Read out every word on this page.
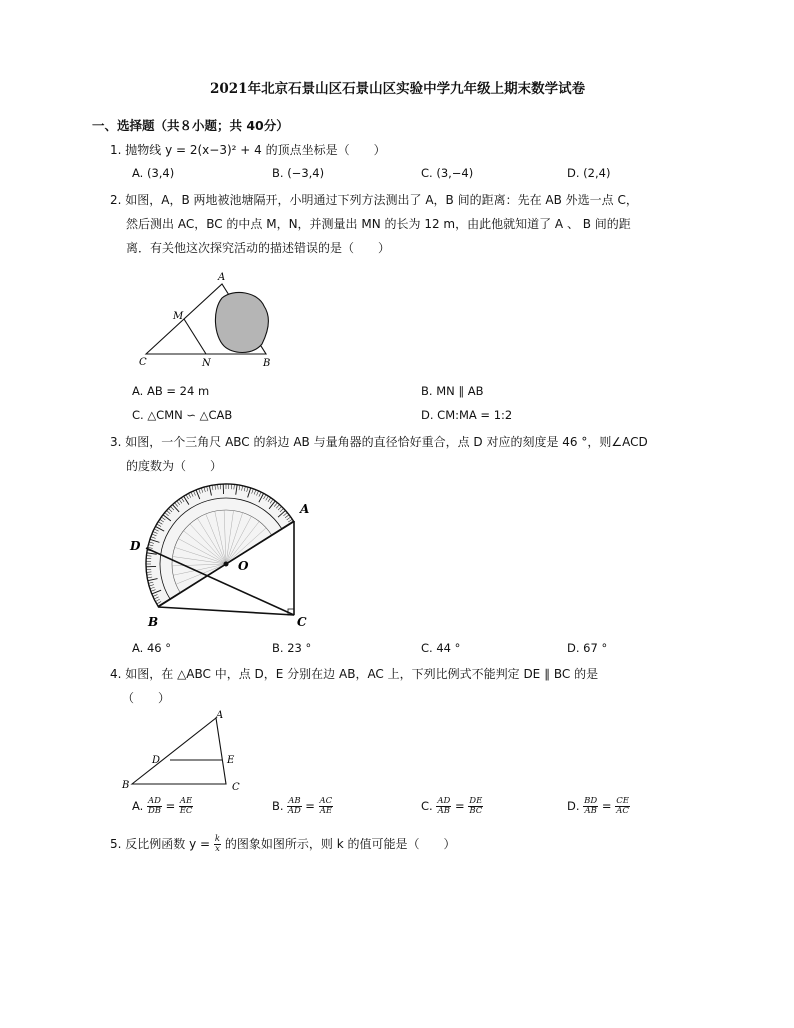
2021年北京石景山区石景山区实验中学九年级上期末数学试卷
一、选择题（共８小题；共 40分）
1. 抛物线 y = 2(x−3)² + 4 的顶点坐标是（　　）
A. (3,4)	B. (−3,4)	C. (3,−4)	D. (2,4)
2. 如图，A，B 两地被池塘隔开，小明通过下列方法测出了 A，B 间的距离：先在 AB 外选一点 C，
然后测出 AC，BC 的中点 M，N，并测量出 MN 的长为 12 m，由此他就知道了 A 、 B 间的距
离．有关他这次探究活动的描述错误的是（　　）
A
M
C	N	B
A. AB = 24 m	B. MN ∥ AB
C. △CMN ∽ △CAB	D. CM:MA = 1:2
3. 如图，一个三角尺 ABC 的斜边 AB 与量角器的直径恰好重合，点 D 对应的刻度是 46 °，则∠ACD
的度数为（　　）
A
B	C
D
O
A. 46 °	B. 23 °	C. 44 °	D. 67 °
4. 如图，在 △ABC 中，点 D，E 分别在边 AB，AC 上，下列比例式不能判定 DE ∥ BC 的是
（　　）
A
B	C
D	E
A. $\frac{AD}{DB} = \frac{AE}{EC}$	B. $\frac{AB}{AD} = \frac{AC}{AE}$	C. $\frac{AD}{AB} = \frac{DE}{BC}$	D. $\frac{BD}{AB} = \frac{CE}{AC}$
5. 反比例函数 $y = \frac{k}{x}$ 的图象如图所示，则 k 的值可能是（　　）
